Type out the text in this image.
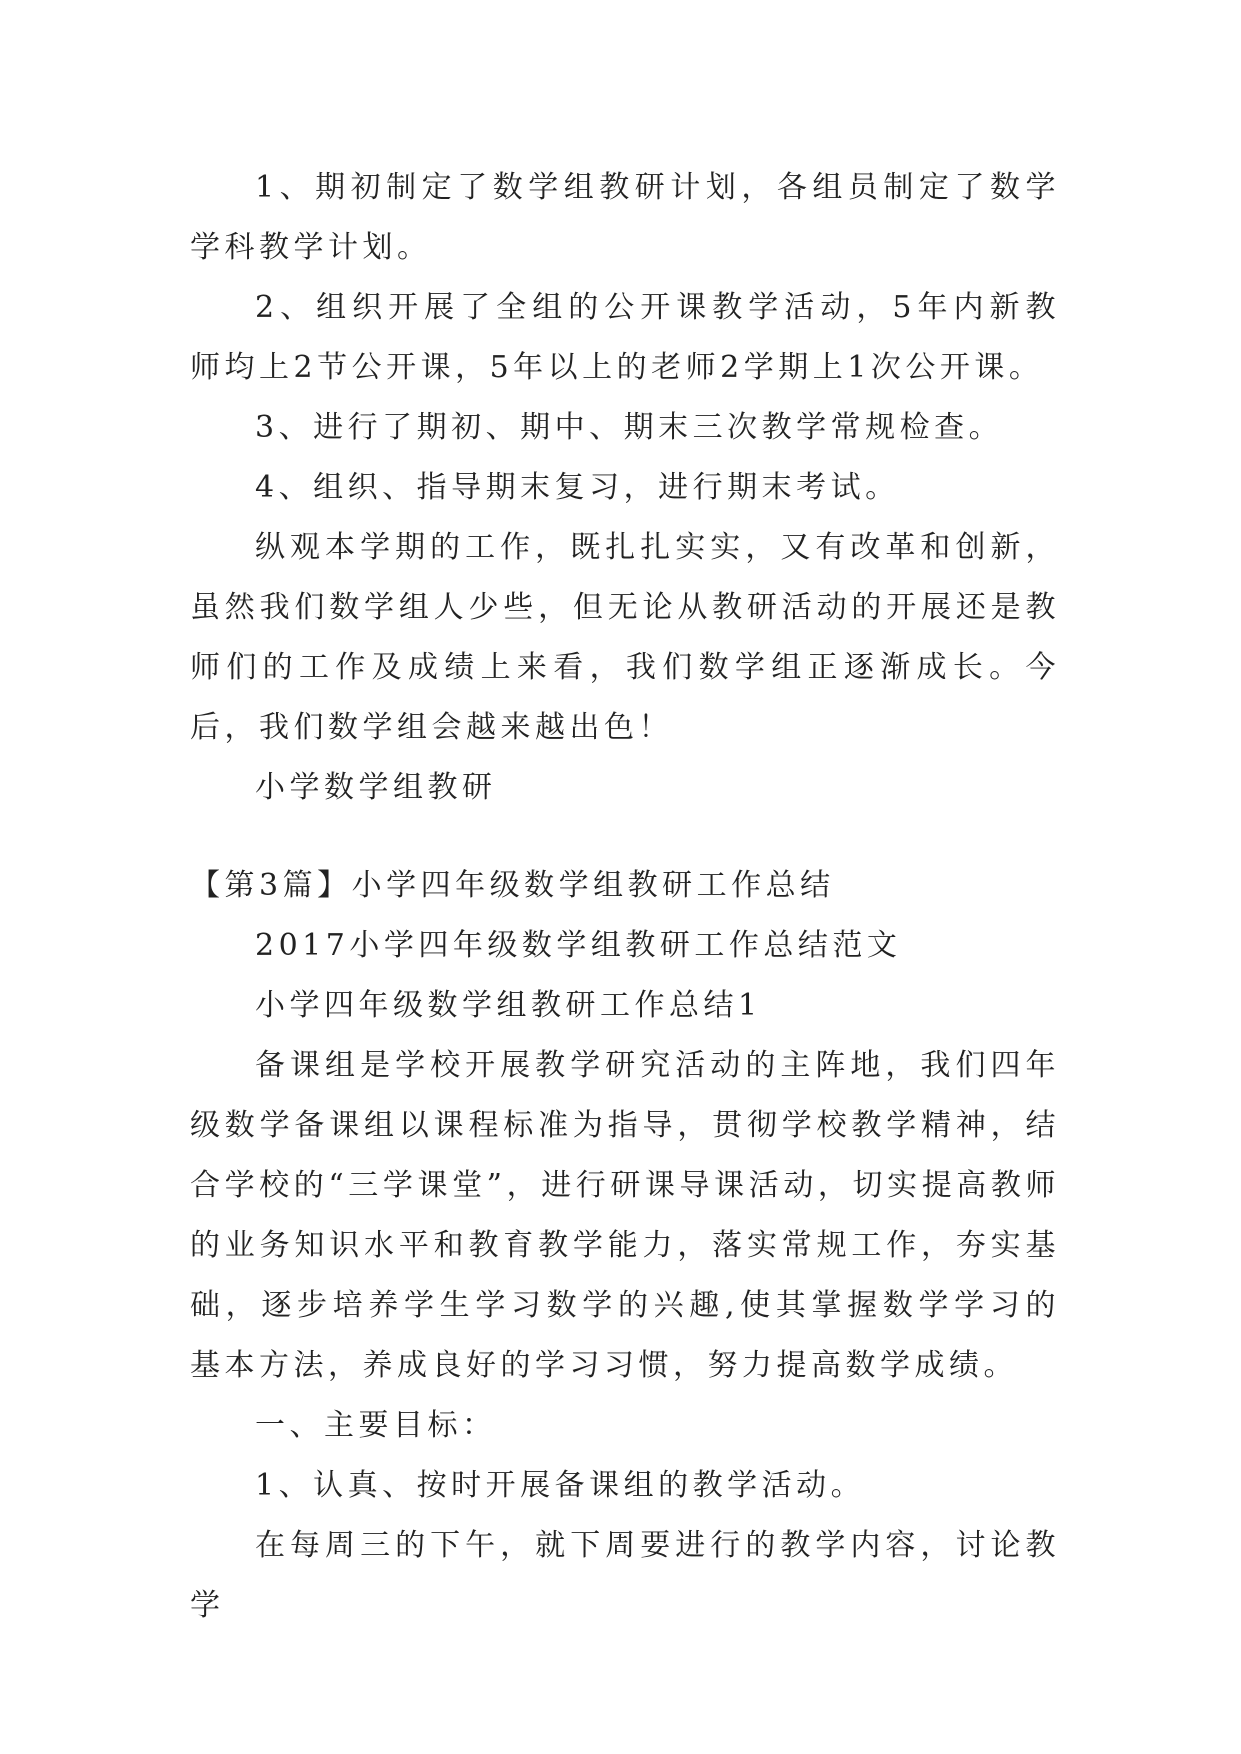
1、期初制定了数学组教研计划，各组员制定了数学学科教学计划。

2、组织开展了全组的公开课教学活动，5年内新教师均上2节公开课，5年以上的老师2学期上1次公开课。

3、进行了期初、期中、期末三次教学常规检查。

4、组织、指导期末复习，进行期末考试。

纵观本学期的工作，既扎扎实实，又有改革和创新，虽然我们数学组人少些，但无论从教研活动的开展还是教师们的工作及成绩上来看，我们数学组正逐渐成长。今后，我们数学组会越来越出色！

小学数学组教研

【第3篇】小学四年级数学组教研工作总结

2017小学四年级数学组教研工作总结范文

小学四年级数学组教研工作总结1

备课组是学校开展教学研究活动的主阵地，我们四年级数学备课组以课程标准为指导，贯彻学校教学精神，结合学校的“三学课堂”，进行研课导课活动，切实提高教师的业务知识水平和教育教学能力，落实常规工作，夯实基础，逐步培养学生学习数学的兴趣,使其掌握数学学习的基本方法，养成良好的学习习惯，努力提高数学成绩。

一、主要目标：

1、认真、按时开展备课组的教学活动。

在每周三的下午，就下周要进行的教学内容，讨论教学
